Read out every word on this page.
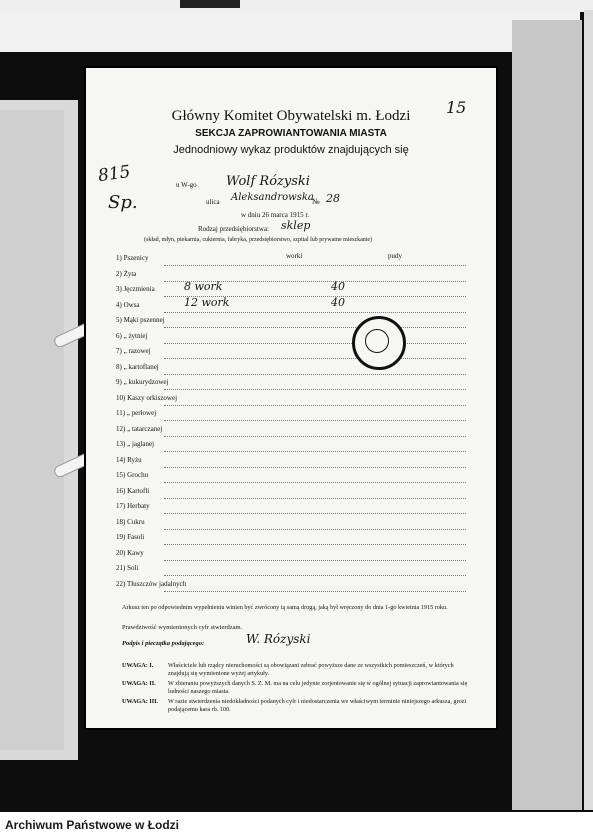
Główny Komitet Obywatelski m. Łodzi
SEKCJA ZAPROWIANTOWANIA MIASTA
Jednodniowy wykaz produktów znajdujących się
15
815
Sp.
u W-go Wolf Rózyski
ulica Aleksandrowska
№ 28
w dniu 26 marca 1915 r.
Rodzaj przedsiębiorstwa: sklep
(skład, młyn, piekarnia, cukiernia, fabryka, przedsiębiorstwo, szpital lub prywatne mieszkanie)
worki	pudy
1) Pszenicy
2) Żyta
3) Jęczmienia	8 work	40
4) Owsa	12 work	40
5) Mąki pszennej
6) „ żytniej
7) „ razowej
8) „ kartoflanej
9) „ kukurydzowej
10) Kaszy orkiszowej
11) „ perłowej
12) „ tatarczanej
13) „ jaglanej
14) Ryżu
15) Grochu
16) Kartofli
17) Herbaty
18) Cukru
19) Fasoli
20) Kawy
21) Soli
22) Tłuszczów jadalnych
Arkusz ten po odpowiednim wypełnieniu winien być zwrócony tą samą drogą, jaką był wręczony do dnia 1-go kwietnia 1915 roku.
Prawdziwość wymienionych cyfr stwierdzam.
Podpis i pieczątka podającego:	W. Rózyski
UWAGA: I. Właściciele lub rządcy nieruchomości są obowiązani zebrać powyższe dane ze wszystkich pomieszczeń, w których znajdują się wymienione wyżej artykuły.
UWAGA: II. W zbieraniu powyższych danych S. Z. M. ma na celu jedynie zorjentowanie się w ogólnej sytuacji zaprowiantowania się ludności naszego miasta.
UWAGA: III. W razie stwierdzenia niedokładności podanych cyfr i niedostarczenia we właściwym terminie niniejszego arkusza, grozi podającemu kara rb. 100.
Archiwum Państwowe w Łodzi
